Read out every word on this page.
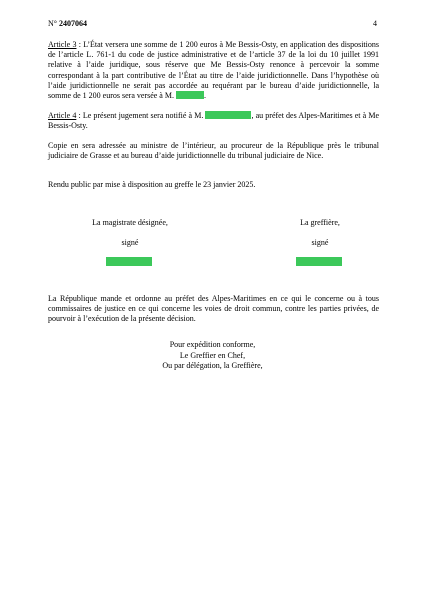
N° 2407064	4

Article 3 : L’État versera une somme de 1 200 euros à Me Bessis-Osty, en application des dispositions de l’article L. 761-1 du code de justice administrative et de l’article 37 de la loi du 10 juillet 1991 relative à l’aide juridique, sous réserve que Me Bessis-Osty renonce à percevoir la somme correspondant à la part contributive de l’État au titre de l’aide juridictionnelle. Dans l’hypothèse où l’aide juridictionnelle ne serait pas accordée au requérant par le bureau d’aide juridictionnelle, la somme de 1 200 euros sera versée à M.	.

Article 4 : Le présent jugement sera notifié à M.	, au préfet des Alpes-Maritimes et à Me Bessis-Osty.

Copie en sera adressée au ministre de l’intérieur, au procureur de la République près le tribunal judiciaire de Grasse et au bureau d’aide juridictionnelle du tribunal judiciaire de Nice.

Rendu public par mise à disposition au greffe le 23 janvier 2025.

La magistrate désignée,
signé
La greffière,
signé

La République mande et ordonne au préfet des Alpes-Maritimes en ce qui le concerne ou à tous commissaires de justice en ce qui concerne les voies de droit commun, contre les parties privées, de pourvoir à l’exécution de la présente décision.

Pour expédition conforme,
Le Greffier en Chef,
Ou par délégation, la Greffière,
